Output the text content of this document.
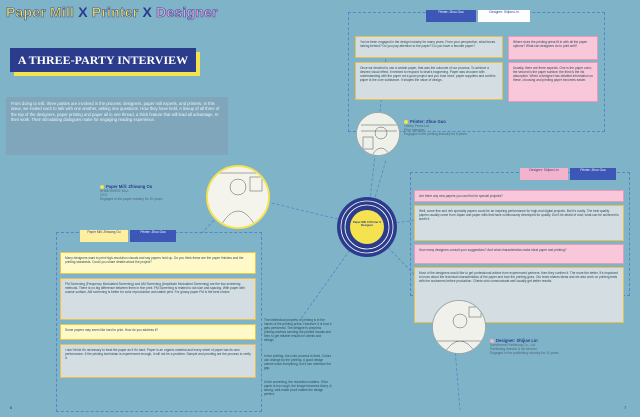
Paper Mill X Printer X Designer
A THREE-PARTY INTERVIEW
From doing to mill, three parties are involved in the process: designers, paper mill experts, and printers. In this issue, we invited each to talk with one another, asking one questions. How they have held. A lineup of all three of the top of the designers, paper printing and paper all in one thread, a thick feature that will lead all advantage. In their work. Their stimulating dialogues make for engaging reading experience.
Printer: Zhuo Guo	Designer: Shijian Lin
You've been engaged in the design industry for many years. From your perspective, what forces lurking behind? Do you pay attention to the paper? Do you have a favorite paper?
Once we decided to use a certain paper, that was the outcome of our process. To achieve a desired visual effect, it needed to respond to what's happening. Paper was choosen with understanding with the paper art a good project and you trust more, paper suppliers and confirm paper is the core substance. It shapes the value of design.
Where does the printing press fit in with all the paper options? What can designers do to print well?
Usually, there are three aspects. One is the paper color; the second is the paper surface; the third is the ink absorption. When a designer has detailed information on these, choosing and printing paper becomes easier.
Printer: Zhuo Guo
Liberty Press Ltd.
Print manager
Engaged in the printing industry for 8 years
Paper Mill: Zhiwang Ou
SHIMOSHIRE MILL
CEO
Engaged in the paper industry for 20 years
Paper Mill X Printer X Designer
Paper Mill: Zhiwang Ou	Printer: Zhuo Guo
Many designers want to print high-resolution visuals and say papers hold up. Do you think these are the paper finishes and the printing standards. Could you share details about the project?
FM Screening (Frequency Modulated Screening) and AM Screening (Amplitude Modulated Screening) are the two screening methods. There is no big difference between them in fine print. FM Screening is related to dot size and spacing. With paper with coarse surface, AM screening is better for color reproduction and stable print. For glossy paper FM is the best choice.
Some papers may seem like hard to print. How do you address it?
I don't think it's necessary to treat the paper as if it's hard. Paper is an organic material and every sheet of paper has its own performance. If the printing technician is experienced enough, it will not be a problem. Sample and proofing are the process to verify it.
The intellectual property of printing is in the hands of the printing press. However, it is how it gets performed. The designer's prepress printing advises sending the printed visuals and then to get reliable results for clients and design.
In the printing, the color process is fixed. Colors can change by the printing. A good design cannot solve everything, but it can minimize the gap.
In the screening, the resolution matters. If the paper is too rough, the image becomes blurry. A strong, well-made proof makes the design perfect.
Designer: Shijian Lin	Printer: Zhuo Guo
Are there any new papers you can find for special projects?
Well, some fine and rich specialty papers could be an inspiring performance for high-end digital projects. But it's costly. The best quality papers usually come from Japan and paper mills that have continuously developed for quality. Don't be afraid of cost; what can be achieved is worth it.
How many designers consult your suggestions? And what characteristics make ideal paper and printing?
Most of the designers would like to get professional advice from experienced partners, then they confirm it. The more the better. It's important to know about the technical characteristics of the paper and how the printing goes. Our team shares ideas and we also work on printing tests with the customers before production. Clients who communicate well usually get better results.
Designer: Shijian Lin
Sanxiforms Publishing Co., Ltd.
Publishing director & art director
Engaged in the publishing industry for 11 years
6	7
